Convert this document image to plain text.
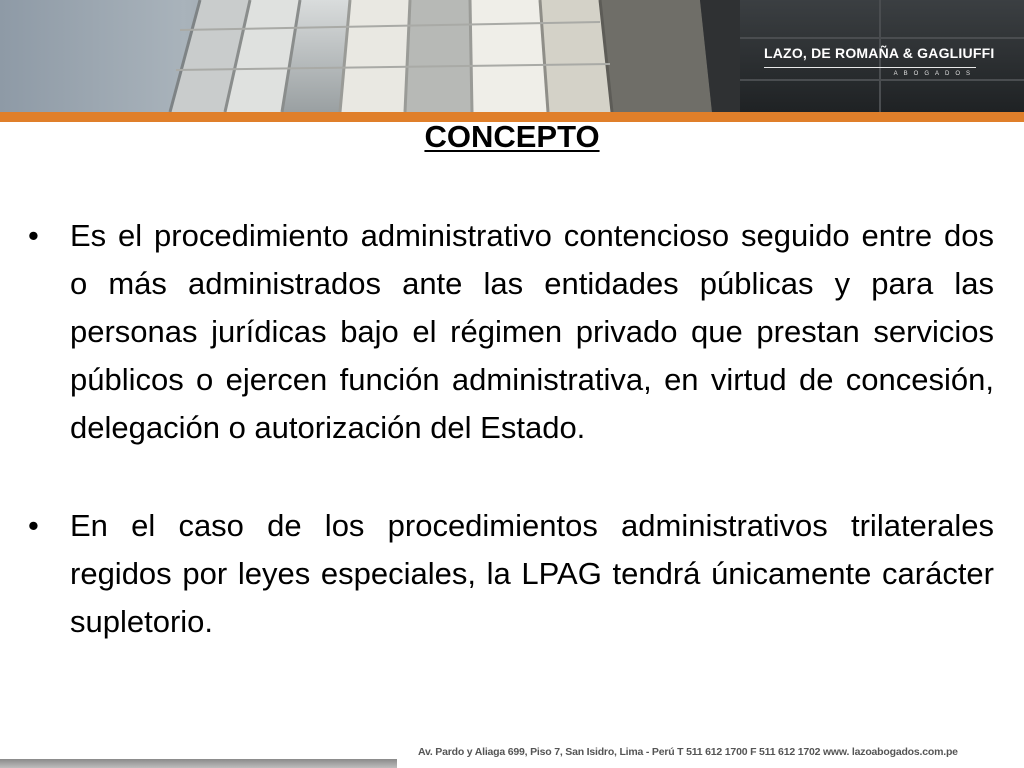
LAZO, DE ROMAÑA & GAGLIUFFI
ABOGADOS
CONCEPTO
• Es el procedimiento administrativo contencioso seguido entre dos o más administrados ante las entidades públicas y para las personas jurídicas bajo el régimen privado que prestan servicios públicos o ejercen función administrativa, en virtud de concesión, delegación o autorización del Estado.
• En el caso de los procedimientos administrativos trilaterales regidos por leyes especiales, la LPAG tendrá únicamente carácter supletorio.
Av. Pardo y Aliaga 699, Piso 7, San Isidro, Lima - Perú T 511 612 1700 F 511 612 1702 www. lazoabogados.com.pe
